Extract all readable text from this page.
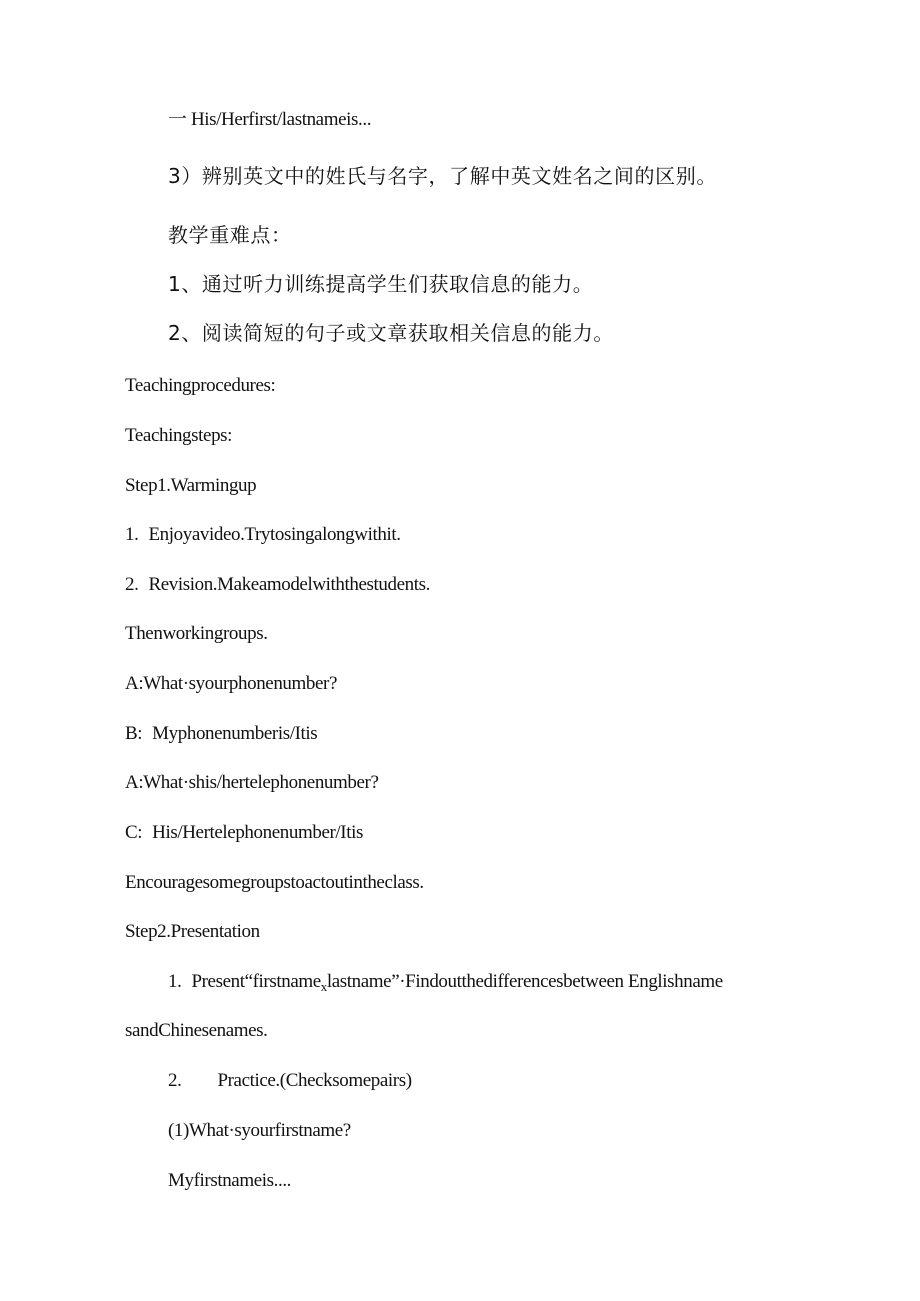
一 His/Herfirst/lastnameis...
3）辨别英文中的姓氏与名字，了解中英文姓名之间的区别。
教学重难点：
1、通过听力训练提高学生们获取信息的能力。
2、阅读简短的句子或文章获取相关信息的能力。
Teachingprocedures:
Teachingsteps:
Step1.Warmingup
1. Enjoyavideo.Trytosingalongwithit.
2. Revision.Makeamodelwiththestudents.
Thenworkingroups.
A:What·syourphonenumber?
B: Myphonenumberis/Itis
A:What·shis/hertelephonenumber?
C: His/Hertelephonenumber/Itis
Encouragesomegroupstoactoutintheclass.
Step2.Presentation
1. Present“firstname$_x$lastname”·Findoutthedifferencesbetween Englishname
sandChinesenames.
2. Practice.(Checksomepairs)
(1)What·syourfirstname?
Myfirstnameis....
